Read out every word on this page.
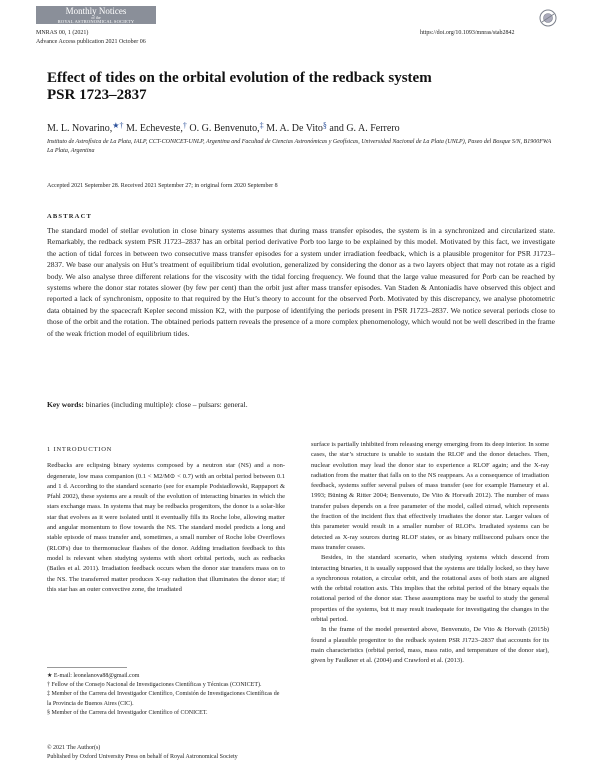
Monthly Notices
of the
ROYAL ASTRONOMICAL SOCIETY
MNRAS 00, 1 (2021)
Advance Access publication 2021 October 06
https://doi.org/10.1093/mnras/stab2842
Effect of tides on the orbital evolution of the redback system
PSR 1723–2837
M. L. Novarino,★† M. Echeveste,† O. G. Benvenuto,‡ M. A. De Vito§ and G. A. Ferrero
Instituto de Astrofísica de La Plata, IALP, CCT-CONICET-UNLP, Argentina and Facultad de Ciencias Astronómicas y Geofísicas, Universidad Nacional de La Plata (UNLP), Paseo del Bosque S/N, B1900FWA La Plata, Argentina
Accepted 2021 September 28. Received 2021 September 27; in original form 2020 September 8
ABSTRACT

The standard model of stellar evolution in close binary systems assumes that during mass transfer episodes, the system is in a synchronized and circularized state. Remarkably, the redback system PSR J1723–2837 has an orbital period derivative Ṗorb too large to be explained by this model. Motivated by this fact, we investigate the action of tidal forces in between two consecutive mass transfer episodes for a system under irradiation feedback, which is a plausible progenitor for PSR J1723–2837. We base our analysis on Hut’s treatment of equilibrium tidal evolution, generalized by considering the donor as a two layers object that may not rotate as a rigid body. We also analyse three different relations for the viscosity with the tidal forcing frequency. We found that the large value measured for Ṗorb can be reached by systems where the donor star rotates slower (by few per cent) than the orbit just after mass transfer episodes. Van Staden & Antoniadis have observed this object and reported a lack of synchronism, opposite to that required by the Hut’s theory to account for the observed Ṗorb. Motivated by this discrepancy, we analyse photometric data obtained by the spacecraft Kepler second mission K2, with the purpose of identifying the periods present in PSR J1723–2837. We notice several periods close to those of the orbit and the rotation. The obtained periods pattern reveals the presence of a more complex phenomenology, which would not be well described in the frame of the weak friction model of equilibrium tides.

Key words: binaries (including multiple): close – pulsars: general.
1 INTRODUCTION

Redbacks are eclipsing binary systems composed by a neutron star (NS) and a non-degenerate, low mass companion (0.1 < M2/M⊙ < 0.7) with an orbital period between 0.1 and 1 d. According to the standard scenario (see for example Podsiadlowski, Rappaport & Pfahl 2002), these systems are a result of the evolution of interacting binaries in which the stars exchange mass. In systems that may be redbacks progenitors, the donor is a solar-like star that evolves as it were isolated until it eventually fills its Roche lobe, allowing matter and angular momentum to flow towards the NS. The standard model predicts a long and stable episode of mass transfer and, sometimes, a small number of Roche lobe Overflows (RLOFs) due to thermonuclear flashes of the donor. Adding irradiation feedback to this model is relevant when studying systems with short orbital periods, such as redbacks (Bailes et al. 2011). Irradiation feedback occurs when the donor star transfers mass on to the NS. The transferred matter produces X-ray radiation that illuminates the donor star; if this star has an outer convective zone, the irradiated

surface is partially inhibited from releasing energy emerging from its deep interior. In some cases, the star’s structure is unable to sustain the RLOF and the donor detaches. Then, nuclear evolution may lead the donor star to experience a RLOF again; and the X-ray radiation from the matter that falls on to the NS reappears. As a consequence of irradiation feedback, systems suffer several pulses of mass transfer (see for example Hameury et al. 1993; Büning & Ritter 2004; Benvenuto, De Vito & Horvath 2012). The number of mass transfer pulses depends on a free parameter of the model, called αirrad, which represents the fraction of the incident flux that effectively irradiates the donor star. Larger values of this parameter would result in a smaller number of RLOFs. Irradiated systems can be detected as X-ray sources during RLOF states, or as binary millisecond pulsars once the mass transfer ceases.

Besides, in the standard scenario, when studying systems which descend from interacting binaries, it is usually supposed that the systems are tidally locked, so they have a synchronous rotation, a circular orbit, and the rotational axes of both stars are aligned with the orbital rotation axis. This implies that the orbital period of the binary equals the rotational period of the donor star. These assumptions may be useful to study the general properties of the systems, but it may result inadequate for investigating the changes in the orbital period.

In the frame of the model presented above, Benvenuto, De Vito & Horvath (2015b) found a plausible progenitor to the redback system PSR J1723–2837 that accounts for its main characteristics (orbital period, mass, mass ratio, and temperature of the donor star), given by Faulkner et al. (2004) and Crawford et al. (2013).

★ E-mail: leonelanova88@gmail.com
† Fellow of the Consejo Nacional de Investigaciones Científicas y Técnicas (CONICET).
‡ Member of the Carrera del Investigador Científico, Comisión de Investigaciones Científicas de la Provincia de Buenos Aires (CIC).
§ Member of the Carrera del Investigador Científico of CONICET.
© 2021 The Author(s)
Published by Oxford University Press on behalf of Royal Astronomical Society
